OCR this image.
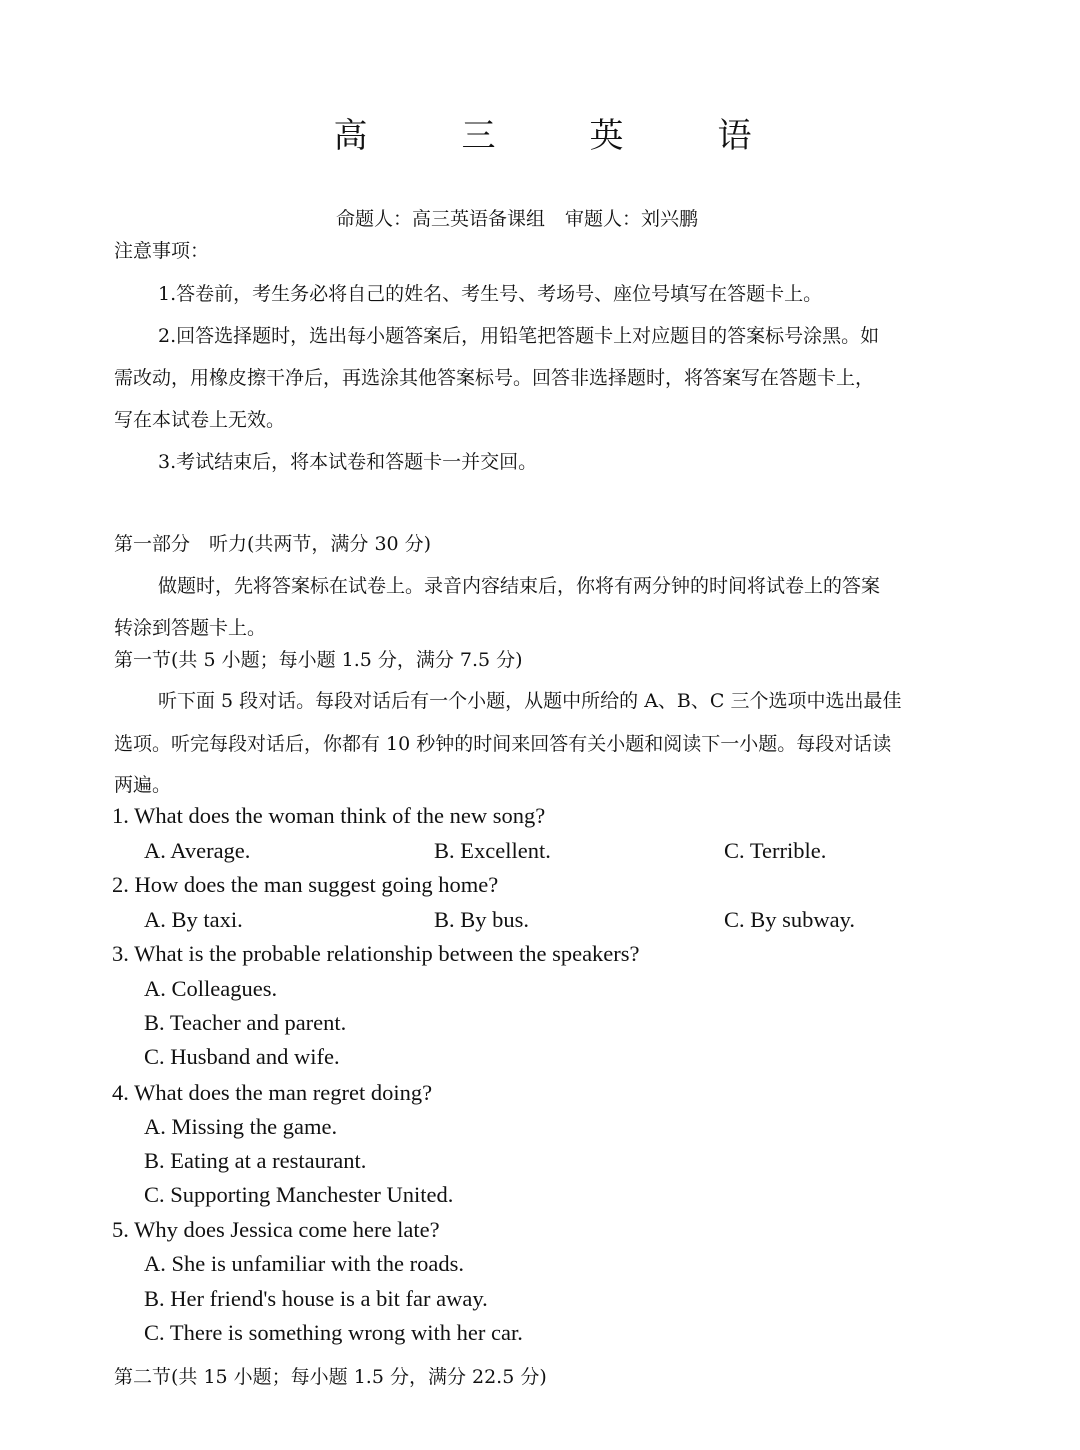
高　三　英　语
命题人：高三英语备课组 审题人：刘兴鹏
注意事项：
1.答卷前，考生务必将自己的姓名、考生号、考场号、座位号填写在答题卡上。
2.回答选择题时，选出每小题答案后，用铅笔把答题卡上对应题目的答案标号涂黑。如
需改动，用橡皮擦干净后，再选涂其他答案标号。回答非选择题时，将答案写在答题卡上，
写在本试卷上无效。
3.考试结束后，将本试卷和答题卡一并交回。
第一部分　听力(共两节，满分 30 分)
做题时，先将答案标在试卷上。录音内容结束后，你将有两分钟的时间将试卷上的答案
转涂到答题卡上。
第一节(共 5 小题；每小题 1.5 分，满分 7.5 分)
听下面 5 段对话。每段对话后有一个小题，从题中所给的 A、B、C 三个选项中选出最佳
选项。听完每段对话后，你都有 10 秒钟的时间来回答有关小题和阅读下一小题。每段对话读
两遍。
1. What does the woman think of the new song?
A. Average.	B. Excellent.	C. Terrible.
2. How does the man suggest going home?
A. By taxi.	B. By bus.	C. By subway.
3. What is the probable relationship between the speakers?
A. Colleagues.
B. Teacher and parent.
C. Husband and wife.
4. What does the man regret doing?
A. Missing the game.
B. Eating at a restaurant.
C. Supporting Manchester United.
5. Why does Jessica come here late?
A. She is unfamiliar with the roads.
B. Her friend's house is a bit far away.
C. There is something wrong with her car.
第二节(共 15 小题；每小题 1.5 分，满分 22.5 分)
